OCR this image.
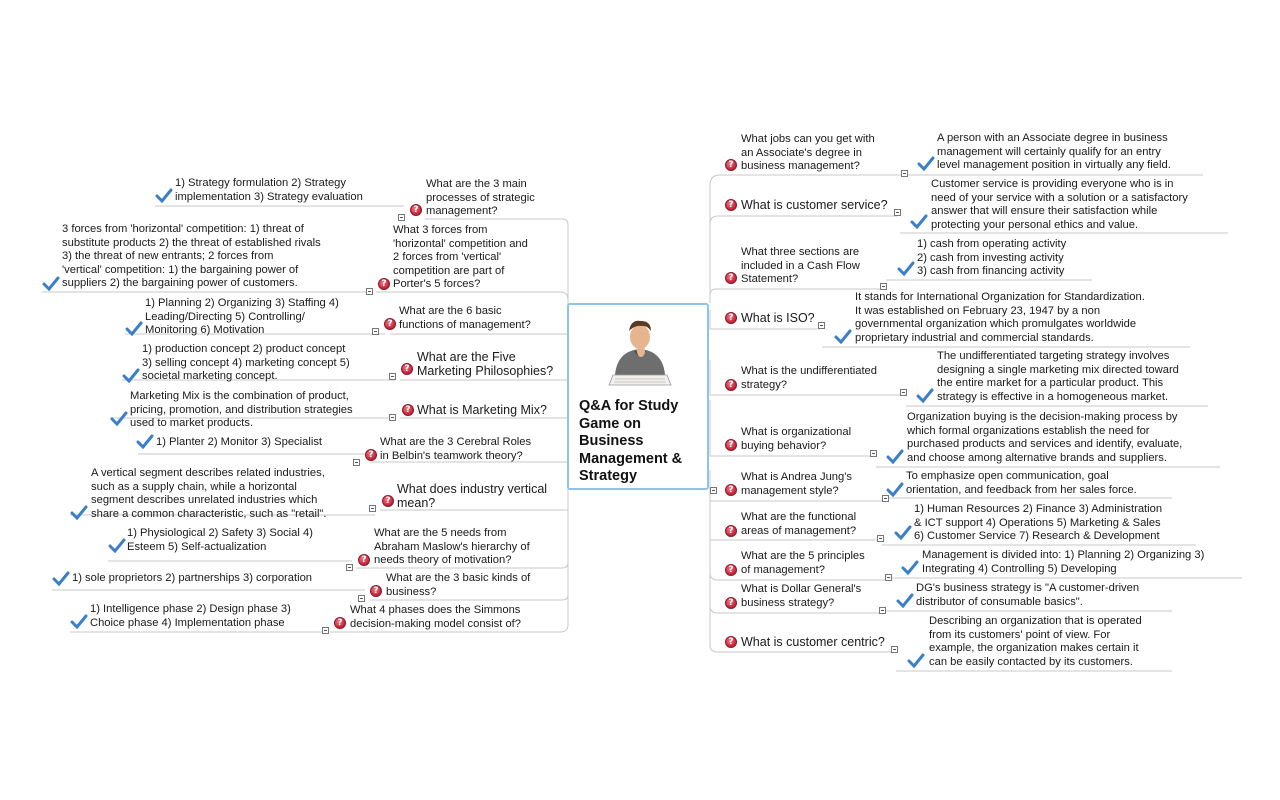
Q&A for Study
Game on
Business
Management &
Strategy
?
What are the 3 main
processes of strategic
management?
1) Strategy formulation 2) Strategy
implementation 3) Strategy evaluation
?
What 3 forces from
'horizontal' competition and
2 forces from 'vertical'
competition are part of
Porter's 5 forces?
3 forces from 'horizontal' competition: 1) threat of
substitute products 2) the threat of established rivals
3) the threat of new entrants; 2 forces from
'vertical' competition: 1) the bargaining power of
suppliers 2) the bargaining power of customers.
?
What are the 6 basic
functions of management?
1) Planning 2) Organizing 3) Staffing 4)
Leading/Directing 5) Controlling/
Monitoring 6) Motivation
?
What are the Five
Marketing Philosophies?
1) production concept 2) product concept
3) selling concept 4) marketing concept 5)
societal marketing concept.
? What is Marketing Mix?
Marketing Mix is the combination of product,
pricing, promotion, and distribution strategies
used to market products.
?
What are the 3 Cerebral Roles
in Belbin's teamwork theory?
1) Planter 2) Monitor 3) Specialist
?
What does industry vertical
mean?
A vertical segment describes related industries,
such as a supply chain, while a horizontal
segment describes unrelated industries which
share a common characteristic, such as "retail".
?
What are the 5 needs from
Abraham Maslow's hierarchy of
needs theory of motivation?
1) Physiological 2) Safety 3) Social 4)
Esteem 5) Self-actualization
?
What are the 3 basic kinds of
business?
1) sole proprietors 2) partnerships 3) corporation
?
What 4 phases does the Simmons
decision-making model consist of?
1) Intelligence phase 2) Design phase 3)
Choice phase 4) Implementation phase
?
What jobs can you get with
an Associate's degree in
business management?
A person with an Associate degree in business
management will certainly qualify for an entry
level management position in virtually any field.
? What is customer service?
Customer service is providing everyone who is in
need of your service with a solution or a satisfactory
answer that will ensure their satisfaction while
protecting your personal ethics and value.
?
What three sections are
included in a Cash Flow
Statement?
1) cash from operating activity
2) cash from investing activity
3) cash from financing activity
? What is ISO?
It stands for International Organization for Standardization.
It was established on February 23, 1947 by a non
governmental organization which promulgates worldwide
proprietary industrial and commercial standards.
?
What is the undifferentiated
strategy?
The undifferentiated targeting strategy involves
designing a single marketing mix directed toward
the entire market for a particular product. This
strategy is effective in a homogeneous market.
?
What is organizational
buying behavior?
Organization buying is the decision-making process by
which formal organizations establish the need for
purchased products and services and identify, evaluate,
and choose among alternative brands and suppliers.
?
What is Andrea Jung's
management style?
To emphasize open communication, goal
orientation, and feedback from her sales force.
?
What are the functional
areas of management?
1) Human Resources 2) Finance 3) Administration
& ICT support 4) Operations 5) Marketing & Sales
6) Customer Service 7) Research & Development
?
What are the 5 principles
of management?
Management is divided into: 1) Planning 2) Organizing 3)
Integrating 4) Controlling 5) Developing
?
What is Dollar General's
business strategy?
DG's business strategy is "A customer-driven
distributor of consumable basics".
? What is customer centric?
Describing an organization that is operated
from its customers' point of view. For
example, the organization makes certain it
can be easily contacted by its customers.
